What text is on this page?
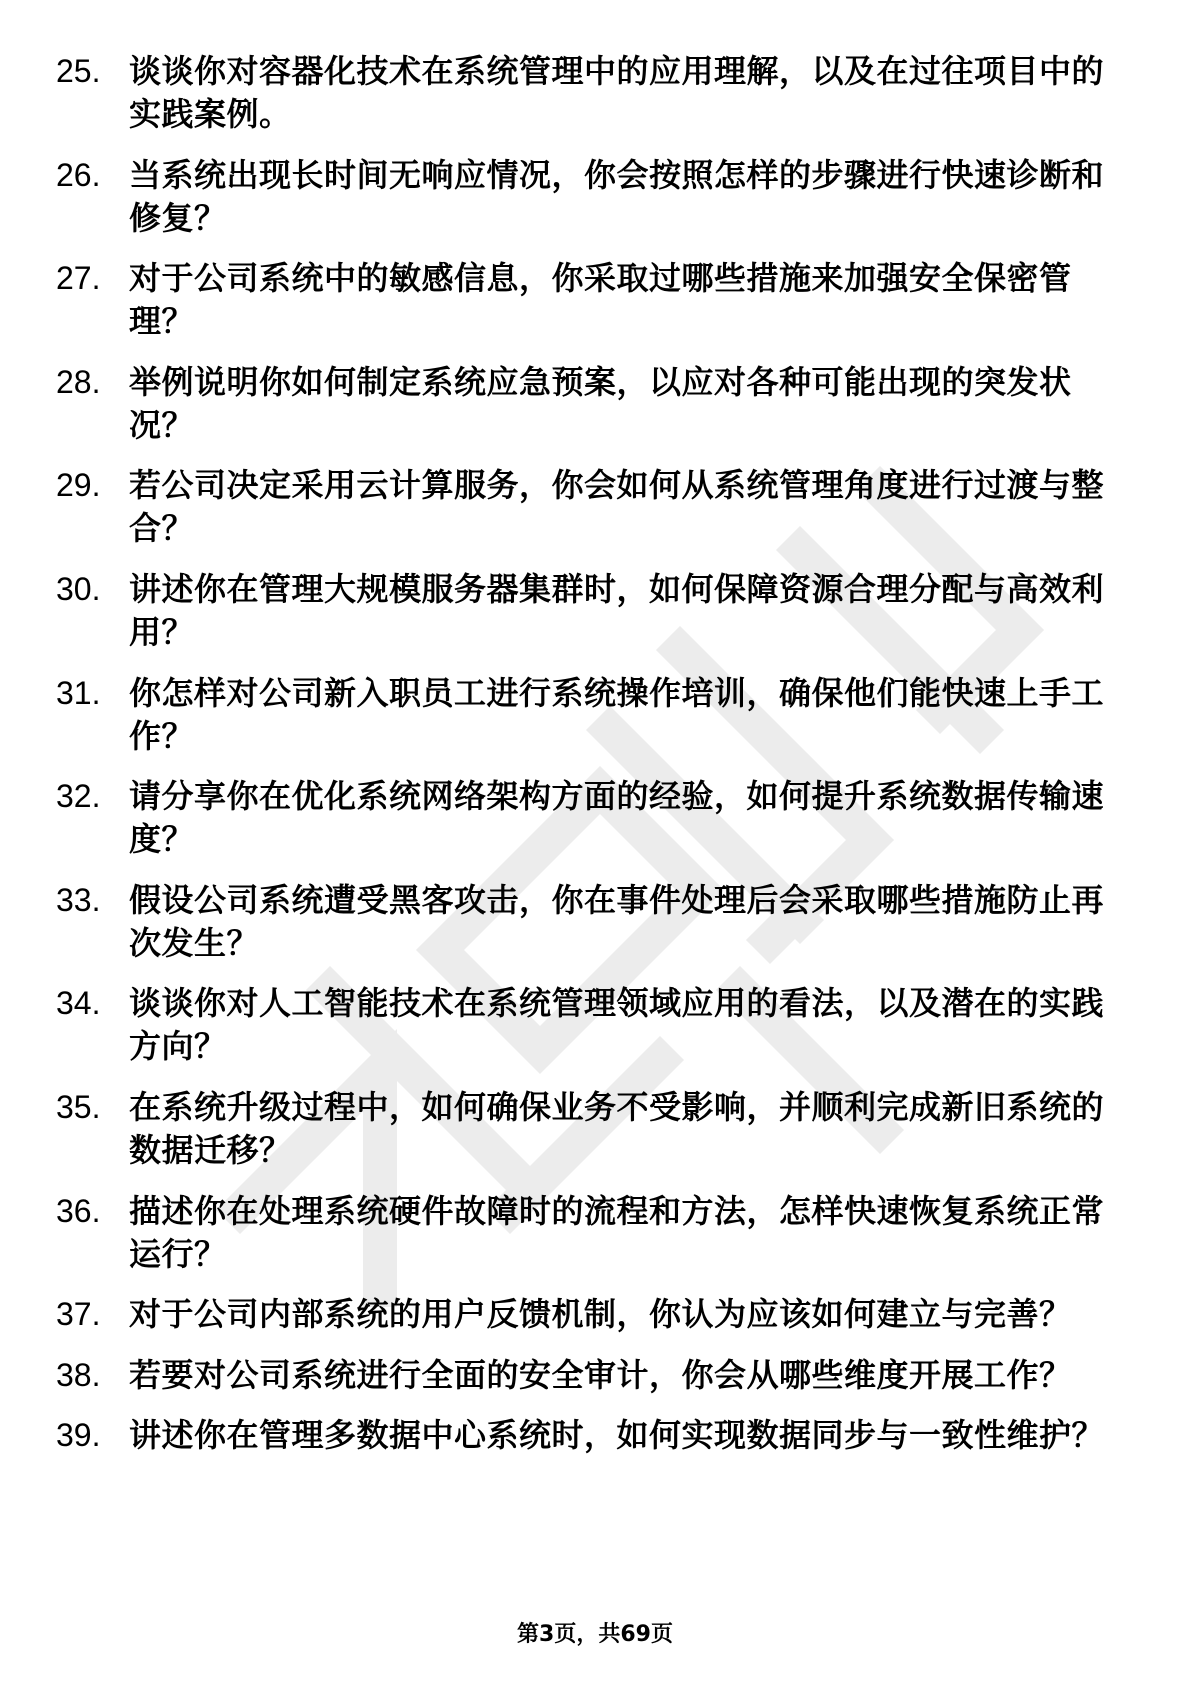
25. 谈谈你对容器化技术在系统管理中的应用理解，以及在过往项目中的实践案例。
26. 当系统出现长时间无响应情况，你会按照怎样的步骤进行快速诊断和修复？
27. 对于公司系统中的敏感信息，你采取过哪些措施来加强安全保密管理？
28. 举例说明你如何制定系统应急预案，以应对各种可能出现的突发状况？
29. 若公司决定采用云计算服务，你会如何从系统管理角度进行过渡与整合？
30. 讲述你在管理大规模服务器集群时，如何保障资源合理分配与高效利用？
31. 你怎样对公司新入职员工进行系统操作培训，确保他们能快速上手工作？
32. 请分享你在优化系统网络架构方面的经验，如何提升系统数据传输速度？
33. 假设公司系统遭受黑客攻击，你在事件处理后会采取哪些措施防止再次发生？
34. 谈谈你对人工智能技术在系统管理领域应用的看法，以及潜在的实践方向？
35. 在系统升级过程中，如何确保业务不受影响，并顺利完成新旧系统的数据迁移？
36. 描述你在处理系统硬件故障时的流程和方法，怎样快速恢复系统正常运行？
37. 对于公司内部系统的用户反馈机制，你认为应该如何建立与完善？
38. 若要对公司系统进行全面的安全审计，你会从哪些维度开展工作？
39. 讲述你在管理多数据中心系统时，如何实现数据同步与一致性维护？
第3页，共69页
